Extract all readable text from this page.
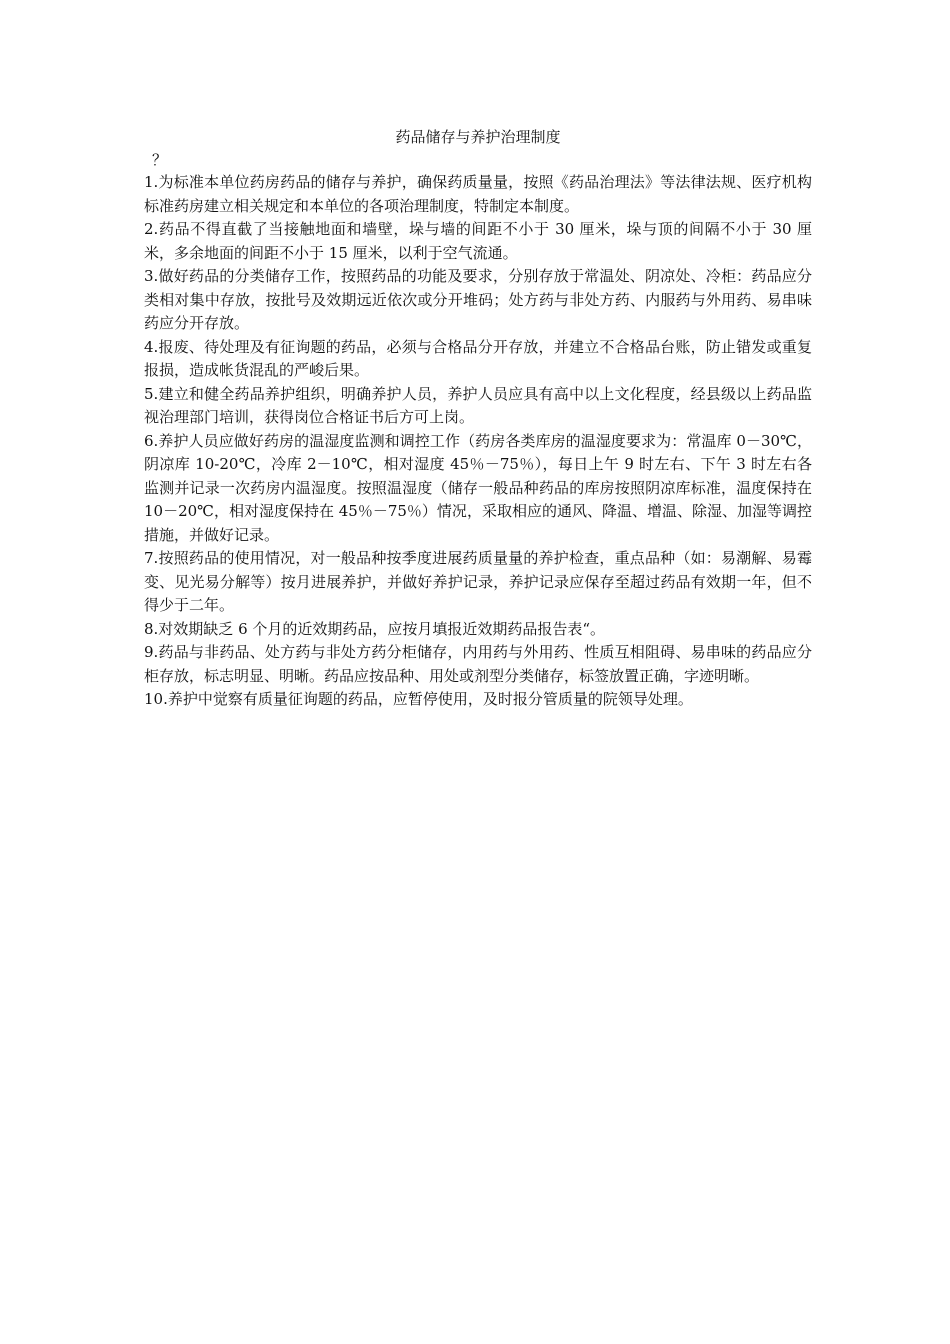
药品储存与养护治理制度

？

1.为标准本单位药房药品的储存与养护，确保药质量量，按照《药品治理法》等法律法规、医疗机构标准药房建立相关规定和本单位的各项治理制度，特制定本制度。

2.药品不得直截了当接触地面和墙壁，垛与墙的间距不小于 30 厘米，垛与顶的间隔不小于 30 厘米，多余地面的间距不小于 15 厘米，以利于空气流通。

3.做好药品的分类储存工作，按照药品的功能及要求，分别存放于常温处、阴凉处、冷柜：药品应分类相对集中存放，按批号及效期远近依次或分开堆码；处方药与非处方药、内服药与外用药、易串味药应分开存放。

4.报废、待处理及有征询题的药品，必须与合格品分开存放，并建立不合格品台账，防止错发或重复报损，造成帐货混乱的严峻后果。

5.建立和健全药品养护组织，明确养护人员，养护人员应具有高中以上文化程度，经县级以上药品监视治理部门培训，获得岗位合格证书后方可上岗。

6.养护人员应做好药房的温湿度监测和调控工作（药房各类库房的温湿度要求为：常温库 0－30℃，阴凉库 10-20℃，冷库 2－10℃，相对湿度 45％－75％），每日上午 9 时左右、下午 3 时左右各监测并记录一次药房内温湿度。按照温湿度（储存一般品种药品的库房按照阴凉库标准，温度保持在 10－20℃，相对湿度保持在 45％－75％）情况，采取相应的通风、降温、增温、除湿、加湿等调控措施，并做好记录。

7.按照药品的使用情况，对一般品种按季度进展药质量量的养护检查，重点品种（如：易潮解、易霉变、见光易分解等）按月进展养护，并做好养护记录，养护记录应保存至超过药品有效期一年，但不得少于二年。

8.对效期缺乏 6 个月的近效期药品，应按月填报近效期药品报告表“。

9.药品与非药品、处方药与非处方药分柜储存，内用药与外用药、性质互相阻碍、易串味的药品应分柜存放，标志明显、明晰。药品应按品种、用处或剂型分类储存，标签放置正确，字迹明晰。

10.养护中觉察有质量征询题的药品，应暂停使用，及时报分管质量的院领导处理。
